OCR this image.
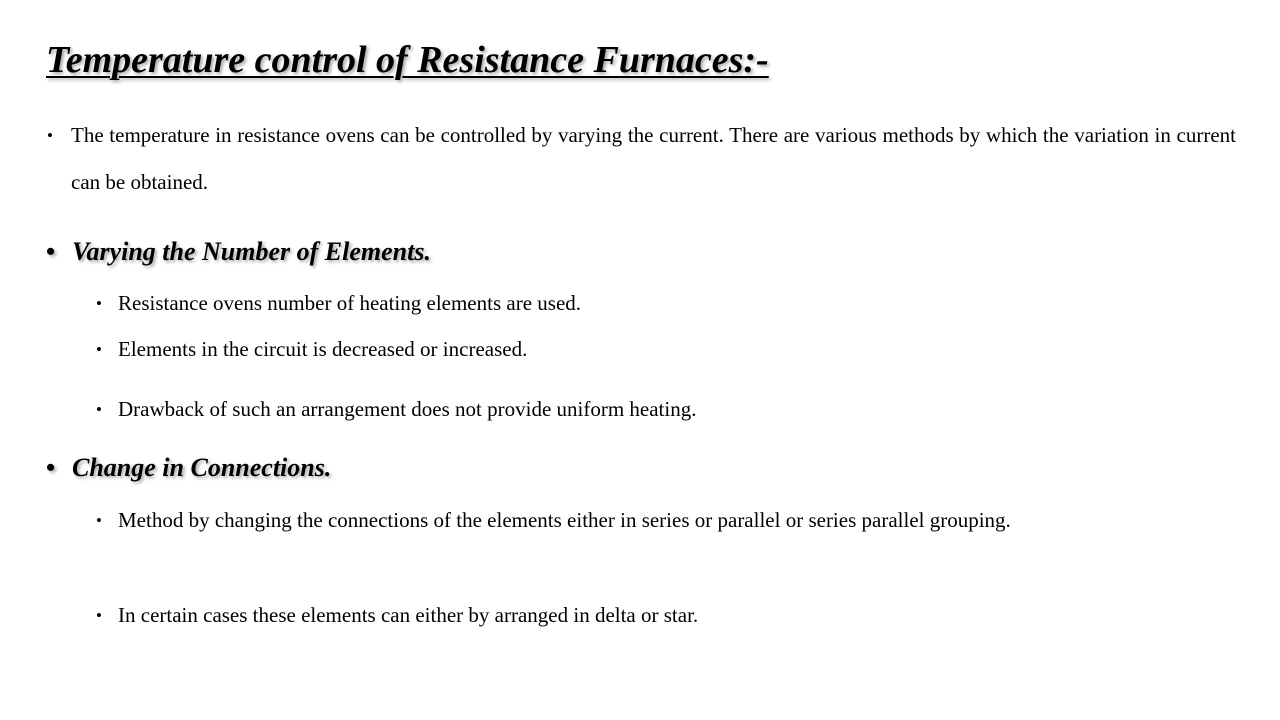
Temperature control of Resistance Furnaces:-
• The temperature in resistance ovens can be controlled by varying the current. There are various methods by which the variation in current can be obtained.
• Varying the Number of Elements.
• Resistance ovens number of heating elements are used.
• Elements in the circuit is decreased or increased.
• Drawback of such an arrangement does not provide uniform heating.
• Change in Connections.
• Method by changing the connections of the elements either in series or parallel or series parallel grouping.
• In certain cases these elements can either by arranged in delta or star.
